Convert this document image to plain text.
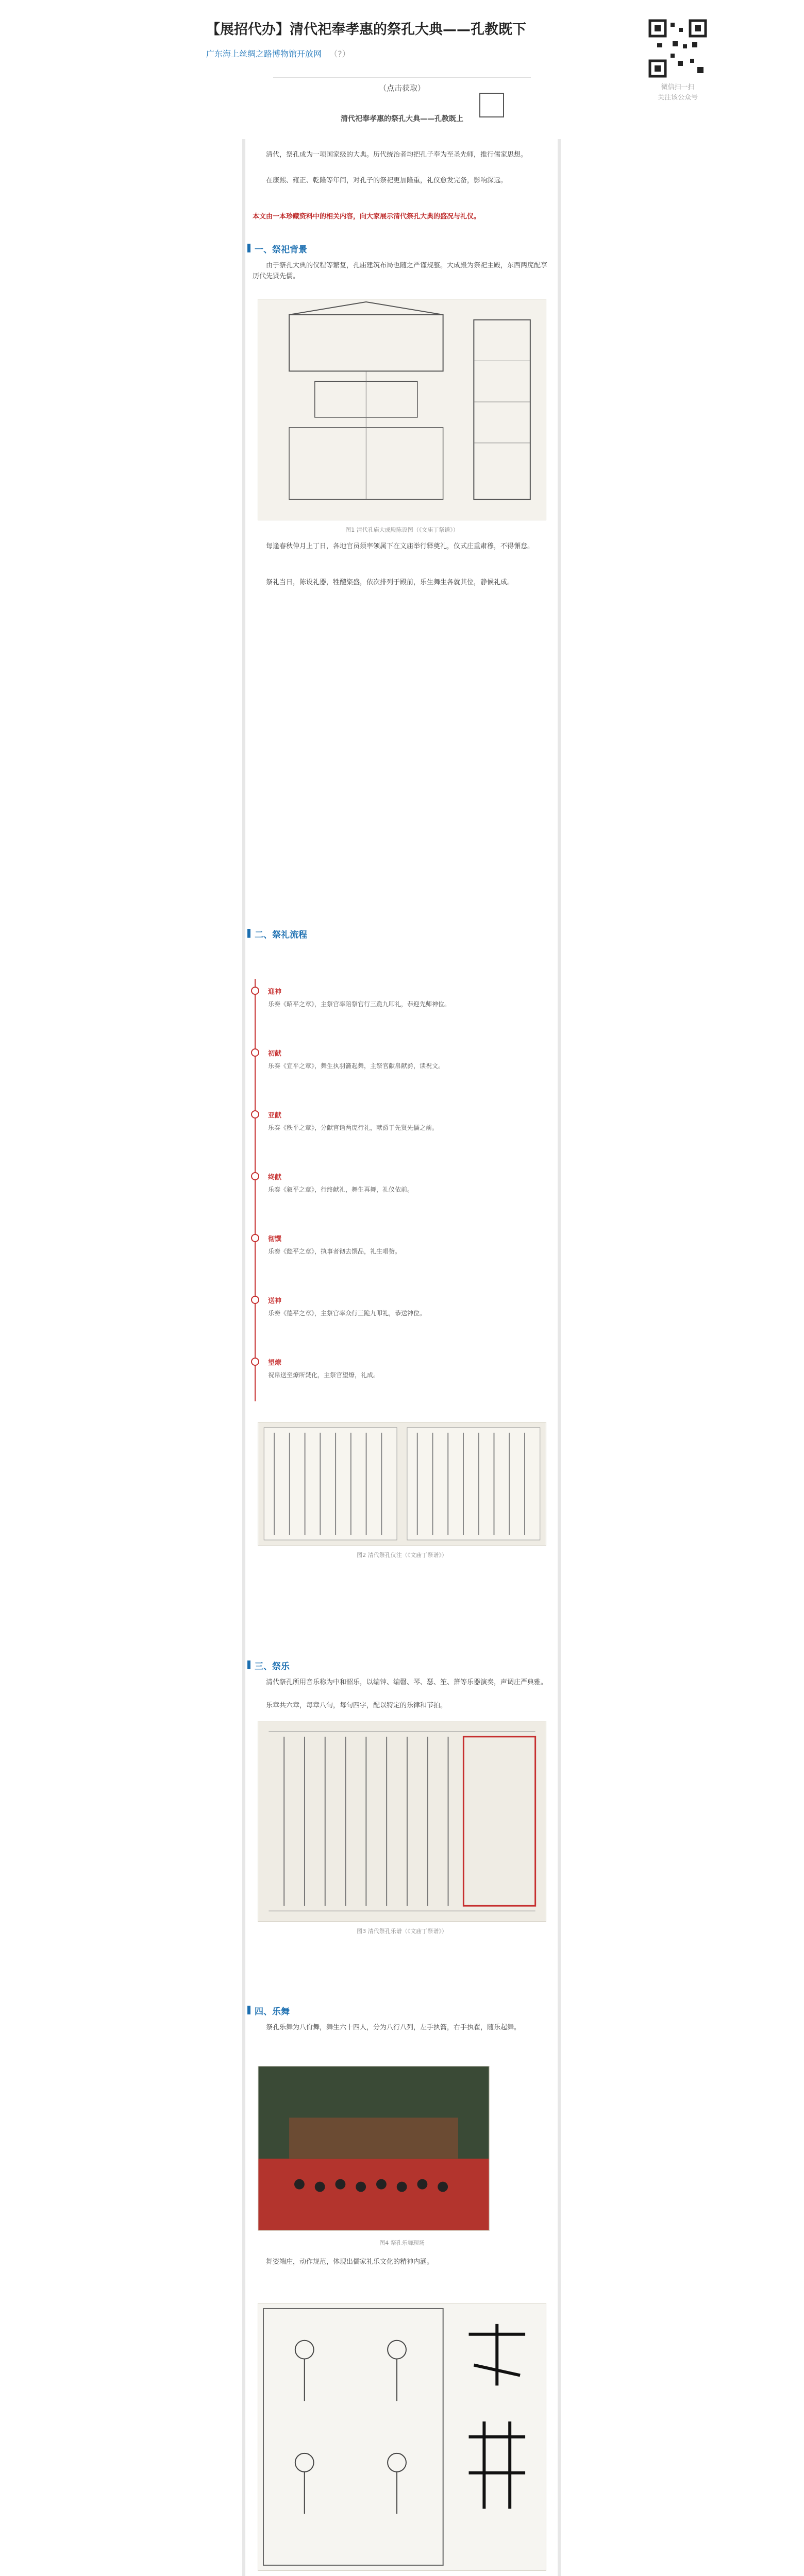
【展招代办】清代祀奉孝惠的祭孔大典——孔教既下
广东海上丝绸之路博物馆开放网 （?）
微信扫一扫
关注该公众号
（点击获取）
清代祀奉孝惠的祭孔大典——孔教既上
清代，祭孔成为一项国家级的大典。历代统治者均把孔子奉为至圣先师，推行儒家思想。
在康熙、雍正、乾隆等年间，对孔子的祭祀更加隆重，礼仪愈发完备，影响深远。
本文由一本珍藏资料中的相关内容，向大家展示清代祭孔大典的盛况与礼仪。
一、祭祀背景
由于祭孔大典的仪程等繁复，孔庙建筑布局也随之严谨规整。大成殿为祭祀主殿，东西两庑配享历代先贤先儒。
图1 清代孔庙大成殿陈设图（《文庙丁祭谱》）
每逢春秋仲月上丁日，各地官员须率领属下在文庙举行释奠礼，仪式庄重肃穆，不得懈怠。
祭礼当日，陈设礼器，牲醴粢盛，依次排列于殿前，乐生舞生各就其位，静候礼成。
二、祭礼流程
迎神
乐奏《昭平之章》，主祭官率陪祭官行三跪九叩礼，恭迎先师神位。
初献
乐奏《宣平之章》，舞生执羽籥起舞，主祭官献帛献爵，读祝文。
亚献
乐奏《秩平之章》，分献官诣两庑行礼，献爵于先贤先儒之前。
终献
乐奏《叙平之章》，行终献礼，舞生再舞，礼仪依前。
彻馔
乐奏《懿平之章》，执事者彻去馔品，礼生唱赞。
送神
乐奏《德平之章》，主祭官率众行三跪九叩礼，恭送神位。
望燎
祝帛送至燎所焚化，主祭官望燎，礼成。
图2 清代祭孔仪注（《文庙丁祭谱》）
三、祭乐
清代祭孔所用音乐称为中和韶乐，以编钟、编磬、琴、瑟、笙、箫等乐器演奏，声调庄严典雅。
乐章共六章，每章八句，每句四字，配以特定的乐律和节拍。
图3 清代祭孔乐谱（《文庙丁祭谱》）
四、乐舞
祭孔乐舞为八佾舞，舞生六十四人，分为八行八列，左手执籥，右手执翟，随乐起舞。
图4 祭孔乐舞现场
舞姿端庄，动作规范，体现出儒家礼乐文化的精神内涵。
